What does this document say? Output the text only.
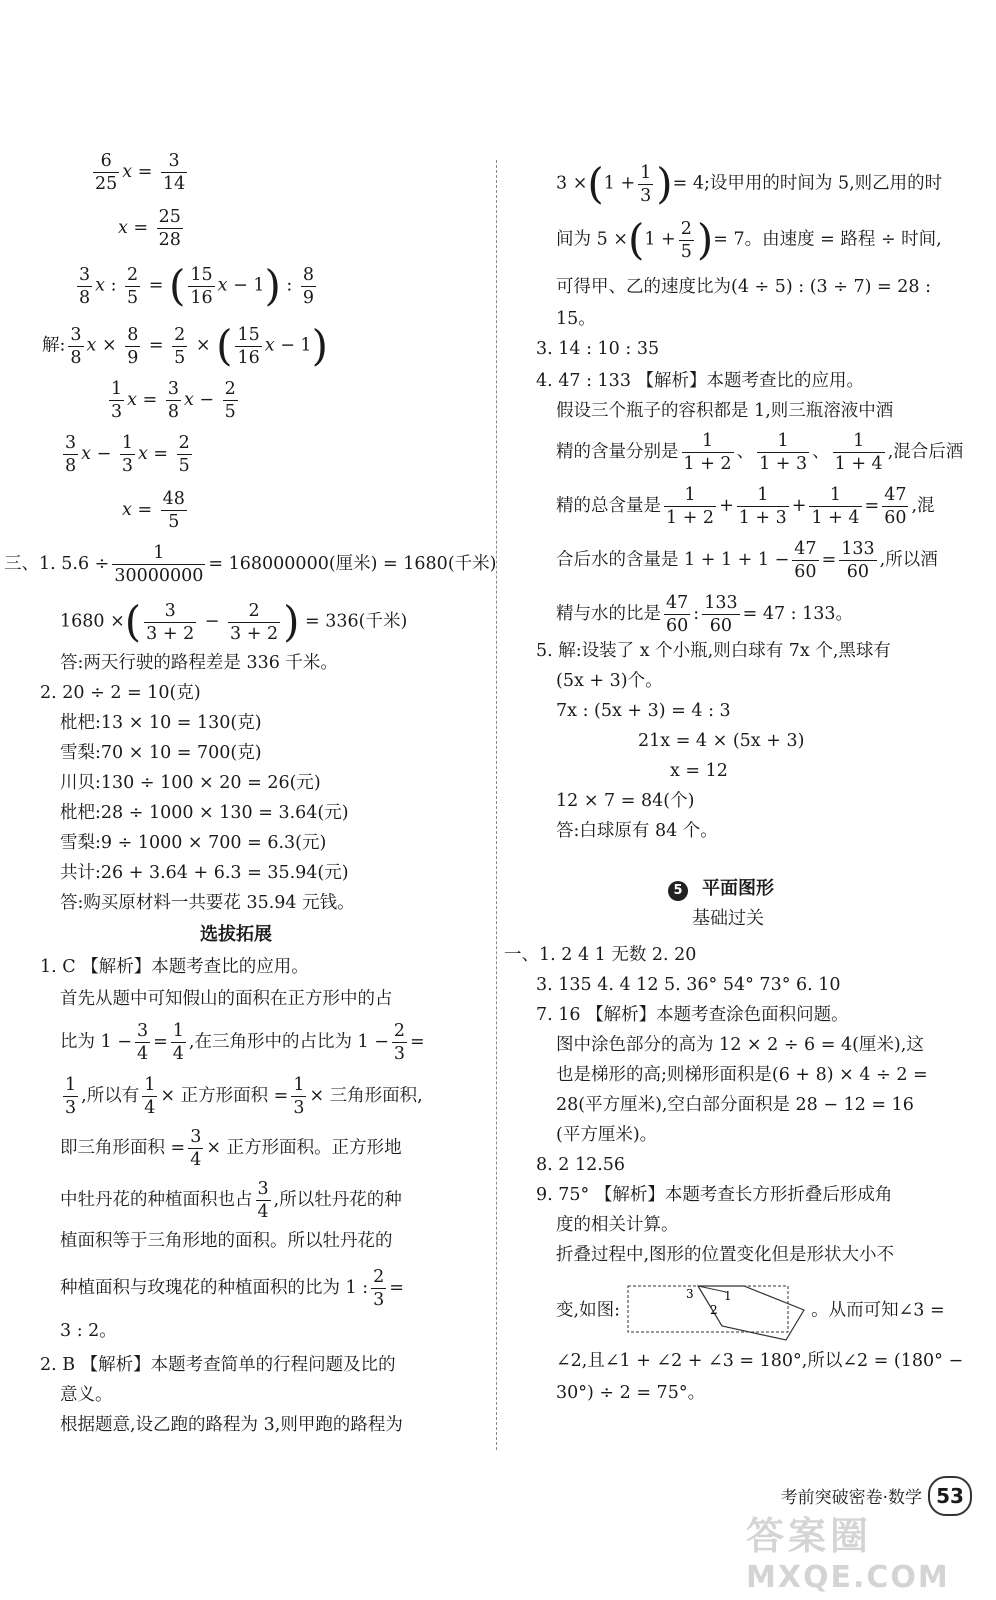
$\frac{6}{25}$ $x = \frac{3}{14}$
$x = \frac{25}{28}$
$\frac{3}{8}$ x : $\frac{2}{5}$ = ( $\frac{15}{16}$ x − 1) : $\frac{8}{9}$
解: $\frac{3}{8}$ $x \times \frac{8}{9} = \frac{2}{5}$ × ( $\frac{15}{16}$ x − 1)
$\frac{1}{3}$ $x = \frac{3}{8}$ $x - \frac{2}{5}$
$\frac{3}{8}$ $x - \frac{1}{3}$ $x = \frac{2}{5}$
$x = \frac{48}{5}$
三、1. $5.6 \div \frac{1}{30000000} = 168000000$(厘米) = 1680(千米)
1680 ×( $\frac{3}{3 + 2} - \frac{2}{3 + 2}$ ) = 336(千米)
答:两天行驶的路程差是 336 千米。
2. 20 ÷ 2 = 10(克)
枇杷:13 × 10 = 130(克)
雪梨:70 × 10 = 700(克)
川贝:130 ÷ 100 × 20 = 26(元)
枇杷:28 ÷ 1000 × 130 = 3.64(元)
雪梨:9 ÷ 1000 × 700 = 6.3(元)
共计:26 + 3.64 + 6.3 = 35.94(元)
答:购买原材料一共要花 35.94 元钱。
选拔拓展
1. C 【解析】本题考查比的应用。
首先从题中可知假山的面积在正方形中的占
比为 $1 - \frac{3}{4} = \frac{1}{4}$ ,在三角形中的占比为 $1 - \frac{2}{3}$ =
$\frac{1}{3}$ ,所以有 $\frac{1}{4}$ × 正方形面积 = $\frac{1}{3}$ × 三角形面积,
即三角形面积 = $\frac{3}{4}$ × 正方形面积。正方形地
中牡丹花的种植面积也占 $\frac{3}{4}$ ,所以牡丹花的种
植面积等于三角形地的面积。所以牡丹花的
种植面积与玫瑰花的种植面积的比为 1 : $\frac{2}{3}$ =
3 : 2。
2. B 【解析】本题考查简单的行程问题及比的
意义。
根据题意,设乙跑的路程为 3,则甲跑的路程为
$3 \times(1 + \frac{1}{3}$ )= 4;设甲用的时间为 5,则乙用的时
间为 $5 \times(1 + \frac{2}{5}$ )= 7。由速度 = 路程 ÷ 时间,
可得甲、乙的速度比为(4 ÷ 5) : (3 ÷ 7) = 28 :
15。
3. 14 : 10 : 35
4. 47 : 133 【解析】本题考查比的应用。
假设三个瓶子的容积都是 1,则三瓶溶液中酒
精的含量分别是 $\frac{1}{1 + 2}$ 、 $\frac{1}{1 + 3}$ 、 $\frac{1}{1 + 4}$ ,混合后酒
精的总含量是 $\frac{1}{1 + 2} + \frac{1}{1 + 3} + \frac{1}{1 + 4} = \frac{47}{60}$ ,混
合后水的含量是 $1 + 1 + 1 - \frac{47}{60} = \frac{133}{60}$ ,所以酒
精与水的比是 $\frac{47}{60}$ : $\frac{133}{60} = 47$ : 133。
5. 解:设装了 x 个小瓶,则白球有 7x 个,黑球有
(5x + 3)个。
7x : (5x + 3) = 4 : 3
21x = 4 × (5x + 3)
x = 12
12 × 7 = 84(个)
答:白球原有 84 个。
5 平面图形
基础过关
一、1. 2 4 1 无数 2. 20
3. 135 4. 4 12 5. 36° 54° 73° 6. 10
7. 16 【解析】本题考查涂色面积问题。
图中涂色部分的高为 12 × 2 ÷ 6 = 4(厘米),这
也是梯形的高;则梯形面积是(6 + 8) × 4 ÷ 2 =
28(平方厘米),空白部分面积是 28 − 12 = 16
(平方厘米)。
8. 2 12.56
9. 75° 【解析】本题考查长方形折叠后形成角
度的相关计算。
折叠过程中,图形的位置变化但是形状大小不
变,如图:
3	1
2	。从而可知∠3 =
∠2,且∠1 + ∠2 + ∠3 = 180°,所以∠2 = (180° −
30°) ÷ 2 = 75°。
考前突破密卷·数学 53
答案圈
MXQE.COM
